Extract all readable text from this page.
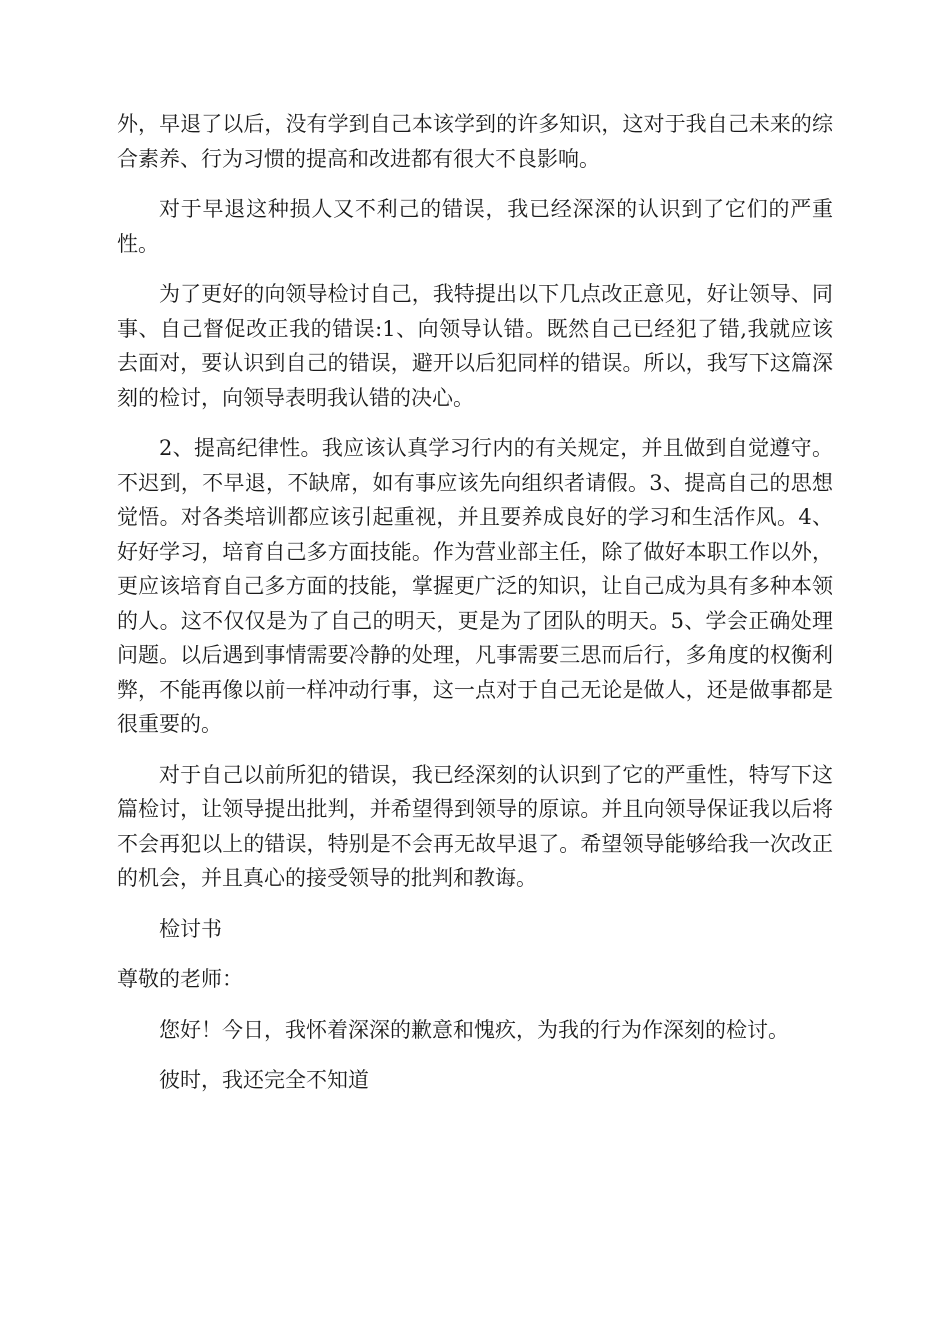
外，早退了以后，没有学到自己本该学到的许多知识，这对于我自己未来的综合素养、行为习惯的提高和改进都有很大不良影响。

对于早退这种损人又不利己的错误，我已经深深的认识到了它们的严重性。

为了更好的向领导检讨自己，我特提出以下几点改正意见，好让领导、同事、自己督促改正我的错误:1、向领导认错。既然自己已经犯了错,我就应该去面对，要认识到自己的错误，避开以后犯同样的错误。所以，我写下这篇深刻的检讨，向领导表明我认错的决心。

2、提高纪律性。我应该认真学习行内的有关规定，并且做到自觉遵守。不迟到，不早退，不缺席，如有事应该先向组织者请假。3、提高自己的思想觉悟。对各类培训都应该引起重视，并且要养成良好的学习和生活作风。4、好好学习，培育自己多方面技能。作为营业部主任，除了做好本职工作以外，更应该培育自己多方面的技能，掌握更广泛的知识，让自己成为具有多种本领的人。这不仅仅是为了自己的明天，更是为了团队的明天。5、学会正确处理问题。以后遇到事情需要冷静的处理，凡事需要三思而后行，多角度的权衡利弊，不能再像以前一样冲动行事，这一点对于自己无论是做人，还是做事都是很重要的。

对于自己以前所犯的错误，我已经深刻的认识到了它的严重性，特写下这篇检讨，让领导提出批判，并希望得到领导的原谅。并且向领导保证我以后将不会再犯以上的错误，特别是不会再无故早退了。希望领导能够给我一次改正的机会，并且真心的接受领导的批判和教诲。

检讨书

尊敬的老师：

您好！今日，我怀着深深的歉意和愧疚，为我的行为作深刻的检讨。

彼时，我还完全不知道
